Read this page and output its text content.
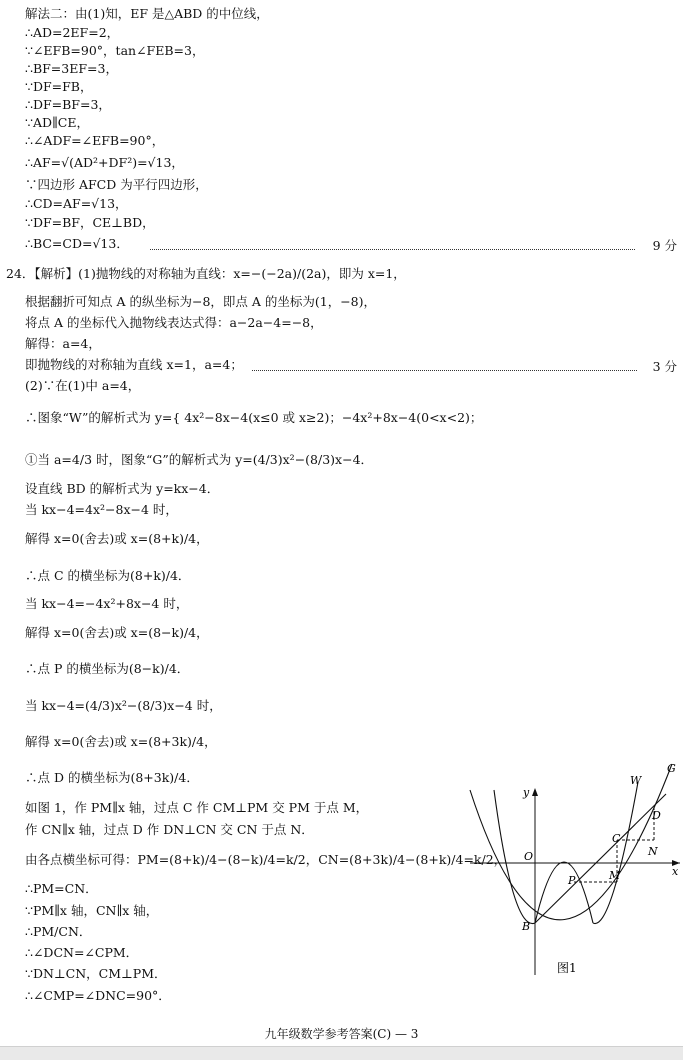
解法二：由(1)知，EF 是△ABD 的中位线，
∴AD=2EF=2，
∵∠EFB=90°，tan∠FEB=3，
∴BF=3EF=3，
∵DF=FB，
∴DF=BF=3，
∵AD∥CE，
∴∠ADF=∠EFB=90°，
∴AF=√(AD²+DF²)=√13，
∵四边形 AFCD 为平行四边形，
∴CD=AF=√13，
∵DF=BF，CE⊥BD，
∴BC=CD=√13．
24．【解析】(1)抛物线的对称轴为直线：x=−(−2a)/(2a)，即为 x=1，
根据翻折可知点 A 的纵坐标为−8，即点 A 的坐标为(1，−8)，
将点 A 的坐标代入抛物线表达式得：a−2a−4=−8，
解得：a=4，
即抛物线的对称轴为直线 x=1，a=4；
(2)∵在(1)中 a=4，
∴图象“W”的解析式为 y={ 4x²−8x−4(x≤0 或 x≥2)；−4x²+8x−4(0<x<2)；
①当 a=4/3 时，图象“G”的解析式为 y=(4/3)x²−(8/3)x−4．
设直线 BD 的解析式为 y=kx−4．
当 kx−4=4x²−8x−4 时，
解得 x=0(舍去)或 x=(8+k)/4，
∴点 C 的横坐标为(8+k)/4．
当 kx−4=−4x²+8x−4 时，
解得 x=0(舍去)或 x=(8−k)/4，
∴点 P 的横坐标为(8−k)/4．
当 kx−4=(4/3)x²−(8/3)x−4 时，
解得 x=0(舍去)或 x=(8+3k)/4，
∴点 D 的横坐标为(8+3k)/4．
如图 1，作 PM∥x 轴，过点 C 作 CM⊥PM 交 PM 于点 M，
作 CN∥x 轴，过点 D 作 DN⊥CN 交 CN 于点 N．
由各点横坐标可得：PM=(8+k)/4−(8−k)/4=k/2，CN=(8+3k)/4−(8+k)/4=k/2，
∴PM=CN．
∵PM∥x 轴，CN∥x 轴，
∴PM/CN．
∴∠DCN=∠CPM．
∵DN⊥CN，CM⊥PM．
∴∠CMP=∠DNC=90°．
9 分
3 分
y
x
O
W
G
D
C
N
P	M
B
图1
九年级数学参考答案(C) — 3
